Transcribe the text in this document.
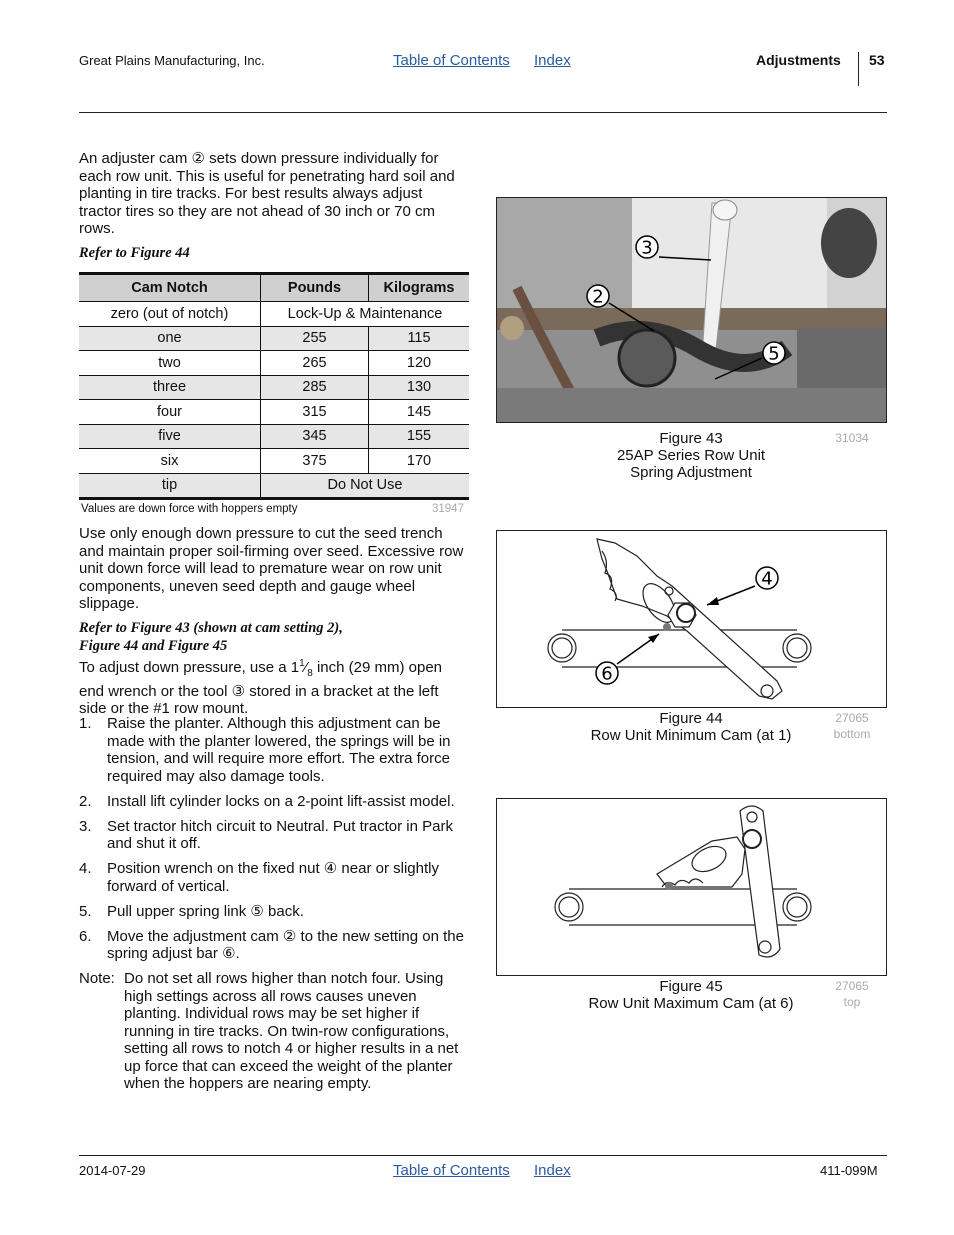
Great Plains Manufacturing, Inc.	Table of Contents Index	Adjustments 53
An adjuster cam ② sets down pressure individually for each row unit. This is useful for penetrating hard soil and planting in tire tracks. For best results always adjust tractor tires so they are not ahead of 30 inch or 70 cm rows.
Refer to Figure 44
Cam Notch	Pounds	Kilograms
zero (out of notch)	Lock-Up & Maintenance	
one	255	115
two	265	120
three	285	130
four	315	145
five	345	155
six	375	170
tip	Do Not Use	
Values are down force with hoppers empty	31947
Use only enough down pressure to cut the seed trench and maintain proper soil-firming over seed. Excessive row unit down force will lead to premature wear on row unit components, uneven seed depth and gauge wheel slippage.
Refer to Figure 43 (shown at cam setting 2),
Figure 44 and Figure 45
To adjust down pressure, use a $1^1⁄_8$ inch (29 mm) open end wrench or the tool ③ stored in a bracket at the left side or the #1 row mount.
1. Raise the planter. Although this adjustment can be made with the planter lowered, the springs will be in tension, and will require more effort. The extra force required may also damage tools.
2. Install lift cylinder locks on a 2-point lift-assist model.
3. Set tractor hitch circuit to Neutral. Put tractor in Park and shut it off.
4. Position wrench on the fixed nut ④ near or slightly forward of vertical.
5. Pull upper spring link ⑤ back.
6. Move the adjustment cam ② to the new setting on the spring adjust bar ⑥.
Note: Do not set all rows higher than notch four. Using high settings across all rows causes uneven planting. Individual rows may be set higher if running in tire tracks. On twin-row configurations, setting all rows to notch 4 or higher results in a net up force that can exceed the weight of the planter when the hoppers are nearing empty.
3
2
5
Figure 43
25AP Series Row Unit
Spring Adjustment
31034
4
6
Figure 44
Row Unit Minimum Cam (at 1)
27065
bottom
Figure 45
Row Unit Maximum Cam (at 6)
27065
top
2014-07-29	Table of Contents Index	411-099M
